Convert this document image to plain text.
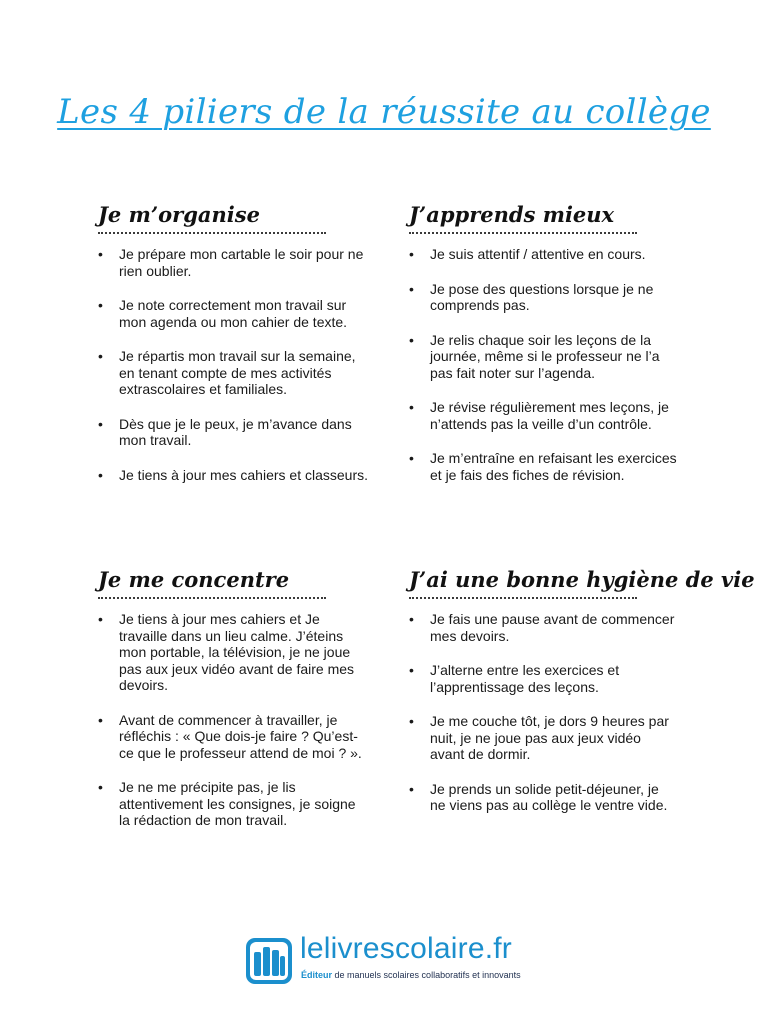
Les 4 piliers de la réussite au collège
Je m’organise
• Je prépare mon cartable le soir pour ne rien oublier.
• Je note correctement mon travail sur mon agenda ou mon cahier de texte.
• Je répartis mon travail sur la semaine, en tenant compte de mes activités extrascolaires et familiales.
• Dès que je le peux, je m’avance dans mon travail.
• Je tiens à jour mes cahiers et classeurs.
J’apprends mieux
• Je suis attentif / attentive en cours.
• Je pose des questions lorsque je ne comprends pas.
• Je relis chaque soir les leçons de la journée, même si le professeur ne l’a pas fait noter sur l’agenda.
• Je révise régulièrement mes leçons, je n’attends pas la veille d’un contrôle.
• Je m’entraîne en refaisant les exercices et je fais des fiches de révision.
Je me concentre
• Je tiens à jour mes cahiers et Je travaille dans un lieu calme. J’éteins mon portable, la télévision, je ne joue pas aux jeux vidéo avant de faire mes devoirs.
• Avant de commencer à travailler, je réfléchis : « Que dois-je faire ? Qu’est-ce que le professeur attend de moi ? ».
• Je ne me précipite pas, je lis attentivement les consignes, je soigne la rédaction de mon travail.
J’ai une bonne hygiène de vie
• Je fais une pause avant de commencer mes devoirs.
• J’alterne entre les exercices et l’apprentissage des leçons.
• Je me couche tôt, je dors 9 heures par nuit, je ne joue pas aux jeux vidéo avant de dormir.
• Je prends un solide petit-déjeuner, je ne viens pas au collège le ventre vide.
lelivrescolaire.fr
Éditeur de manuels scolaires collaboratifs et innovants
